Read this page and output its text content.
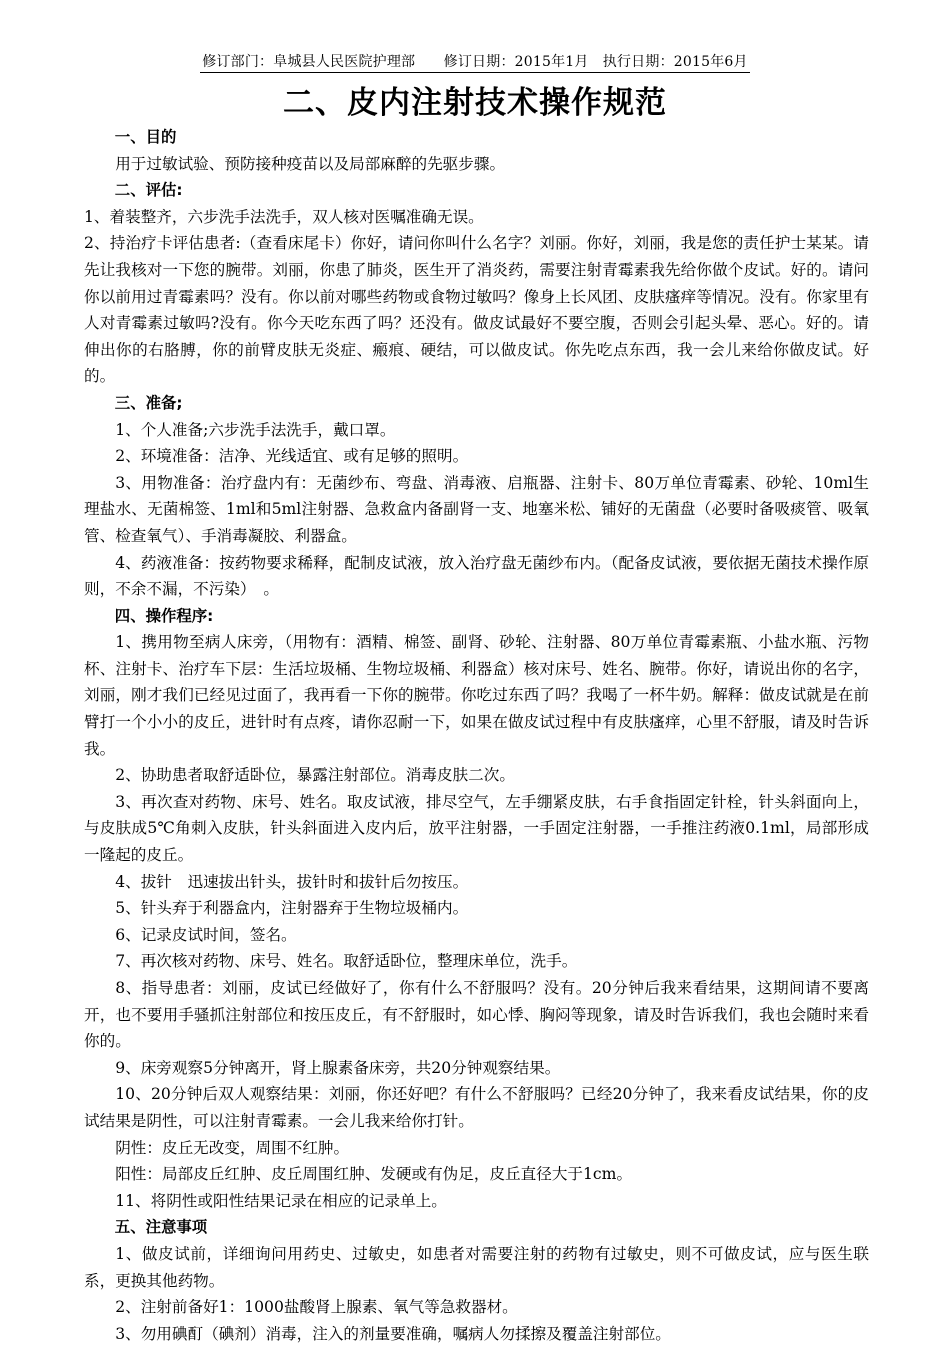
修订部门：阜城县人民医院护理部　　修订日期：2015年1月　执行日期：2015年6月
二、皮内注射技术操作规范

一、目的

用于过敏试验、预防接种疫苗以及局部麻醉的先驱步骤。

二、评估:

1、着装整齐，六步洗手法洗手，双人核对医嘱准确无误。

2、持治疗卡评估患者:（查看床尾卡）你好，请问你叫什么名字？刘丽。你好，刘丽，我是您的责任护士某某。请先让我核对一下您的腕带。刘丽，你患了肺炎，医生开了消炎药，需要注射青霉素我先给你做个皮试。好的。请问你以前用过青霉素吗？没有。你以前对哪些药物或食物过敏吗？像身上长风团、皮肤瘙痒等情况。没有。你家里有人对青霉素过敏吗?没有。你今天吃东西了吗？还没有。做皮试最好不要空腹，否则会引起头晕、恶心。好的。请伸出你的右胳膊，你的前臂皮肤无炎症、瘢痕、硬结，可以做皮试。你先吃点东西，我一会儿来给你做皮试。好的。

三、准备;

1、个人准备;六步洗手法洗手，戴口罩。

2、环境准备：洁净、光线适宜、或有足够的照明。

3、用物准备：治疗盘内有：无菌纱布、弯盘、消毒液、启瓶器、注射卡、80万单位青霉素、砂轮、10ml生理盐水、无菌棉签、1ml和5ml注射器、急救盒内备副肾一支、地塞米松、铺好的无菌盘（必要时备吸痰管、吸氧管、检查氧气）、手消毒凝胶、利器盒。

4、药液准备：按药物要求稀释，配制皮试液，放入治疗盘无菌纱布内。（配备皮试液，要依据无菌技术操作原则，不余不漏，不污染）　。

四、操作程序:

1、携用物至病人床旁，（用物有：酒精、棉签、副肾、砂轮、注射器、80万单位青霉素瓶、小盐水瓶、污物杯、注射卡、治疗车下层：生活垃圾桶、生物垃圾桶、利器盒）核对床号、姓名、腕带。你好，请说出你的名字，刘丽，刚才我们已经见过面了，我再看一下你的腕带。你吃过东西了吗？我喝了一杯牛奶。解释：做皮试就是在前臂打一个小小的皮丘，进针时有点疼，请你忍耐一下，如果在做皮试过程中有皮肤瘙痒，心里不舒服，请及时告诉我。

2、协助患者取舒适卧位，暴露注射部位。消毒皮肤二次。

3、再次查对药物、床号、姓名。取皮试液，排尽空气，左手绷紧皮肤，右手食指固定针栓，针头斜面向上，与皮肤成5℃角刺入皮肤，针头斜面进入皮内后，放平注射器，一手固定注射器，一手推注药液0.1ml，局部形成一隆起的皮丘。

4、拔针　迅速拔出针头，拔针时和拔针后勿按压。

5、针头弃于利器盒内，注射器弃于生物垃圾桶内。

6、记录皮试时间，签名。

7、再次核对药物、床号、姓名。取舒适卧位，整理床单位，洗手。

8、指导患者：刘丽，皮试已经做好了，你有什么不舒服吗？没有。20分钟后我来看结果，这期间请不要离开，也不要用手骚抓注射部位和按压皮丘，有不舒服时，如心悸、胸闷等现象，请及时告诉我们，我也会随时来看你的。

9、床旁观察5分钟离开，肾上腺素备床旁，共20分钟观察结果。

10、20分钟后双人观察结果：刘丽，你还好吧？有什么不舒服吗？已经20分钟了，我来看皮试结果，你的皮试结果是阴性，可以注射青霉素。一会儿我来给你打针。

阴性：皮丘无改变，周围不红肿。

阳性：局部皮丘红肿、皮丘周围红肿、发硬或有伪足，皮丘直径大于1cm。

11、将阴性或阳性结果记录在相应的记录单上。

五、注意事项

1、做皮试前，详细询问用药史、过敏史，如患者对需要注射的药物有过敏史，则不可做皮试，应与医生联系，更换其他药物。

2、注射前备好1：1000盐酸肾上腺素、氧气等急救器材。

3、勿用碘酊（碘剂）消毒，注入的剂量要准确，嘱病人勿揉擦及覆盖注射部位。
